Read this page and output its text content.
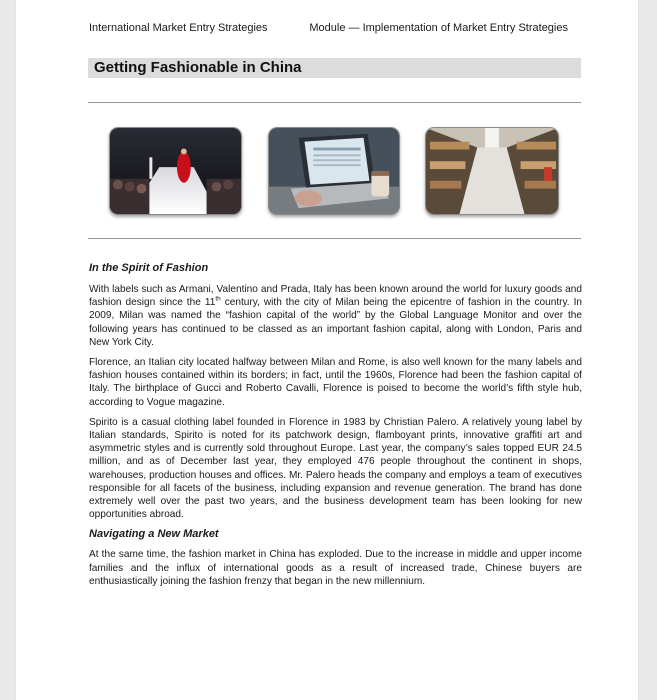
International Market Entry Strategies	Module — Implementation of Market Entry Strategies
Getting Fashionable in China
In the Spirit of Fashion

With labels such as Armani, Valentino and Prada, Italy has been known around the world for luxury goods and fashion design since the 11th century, with the city of Milan being the epicentre of fashion in the country. In 2009, Milan was named the “fashion capital of the world” by the Global Language Monitor and over the following years has continued to be classed as an important fashion capital, along with London, Paris and New York City.

Florence, an Italian city located halfway between Milan and Rome, is also well known for the many labels and fashion houses contained within its borders; in fact, until the 1960s, Florence had been the fashion capital of Italy. The birthplace of Gucci and Roberto Cavalli, Florence is poised to become the world’s fifth style hub, according to Vogue magazine.

Spirito is a casual clothing label founded in Florence in 1983 by Christian Palero. A relatively young label by Italian standards, Spirito is noted for its patchwork design, flamboyant prints, innovative graffiti art and asymmetric styles and is currently sold throughout Europe. Last year, the company’s sales topped EUR 24.5 million, and as of December last year, they employed 476 people throughout the continent in shops, warehouses, production houses and offices. Mr. Palero heads the company and employs a team of executives responsible for all facets of the business, including expansion and revenue generation. The brand has done extremely well over the past two years, and the business development team has been looking for new opportunities abroad.

Navigating a New Market

At the same time, the fashion market in China has exploded. Due to the increase in middle and upper income families and the influx of international goods as a result of increased trade, Chinese buyers are enthusiastically joining the fashion frenzy that began in the new millennium.
